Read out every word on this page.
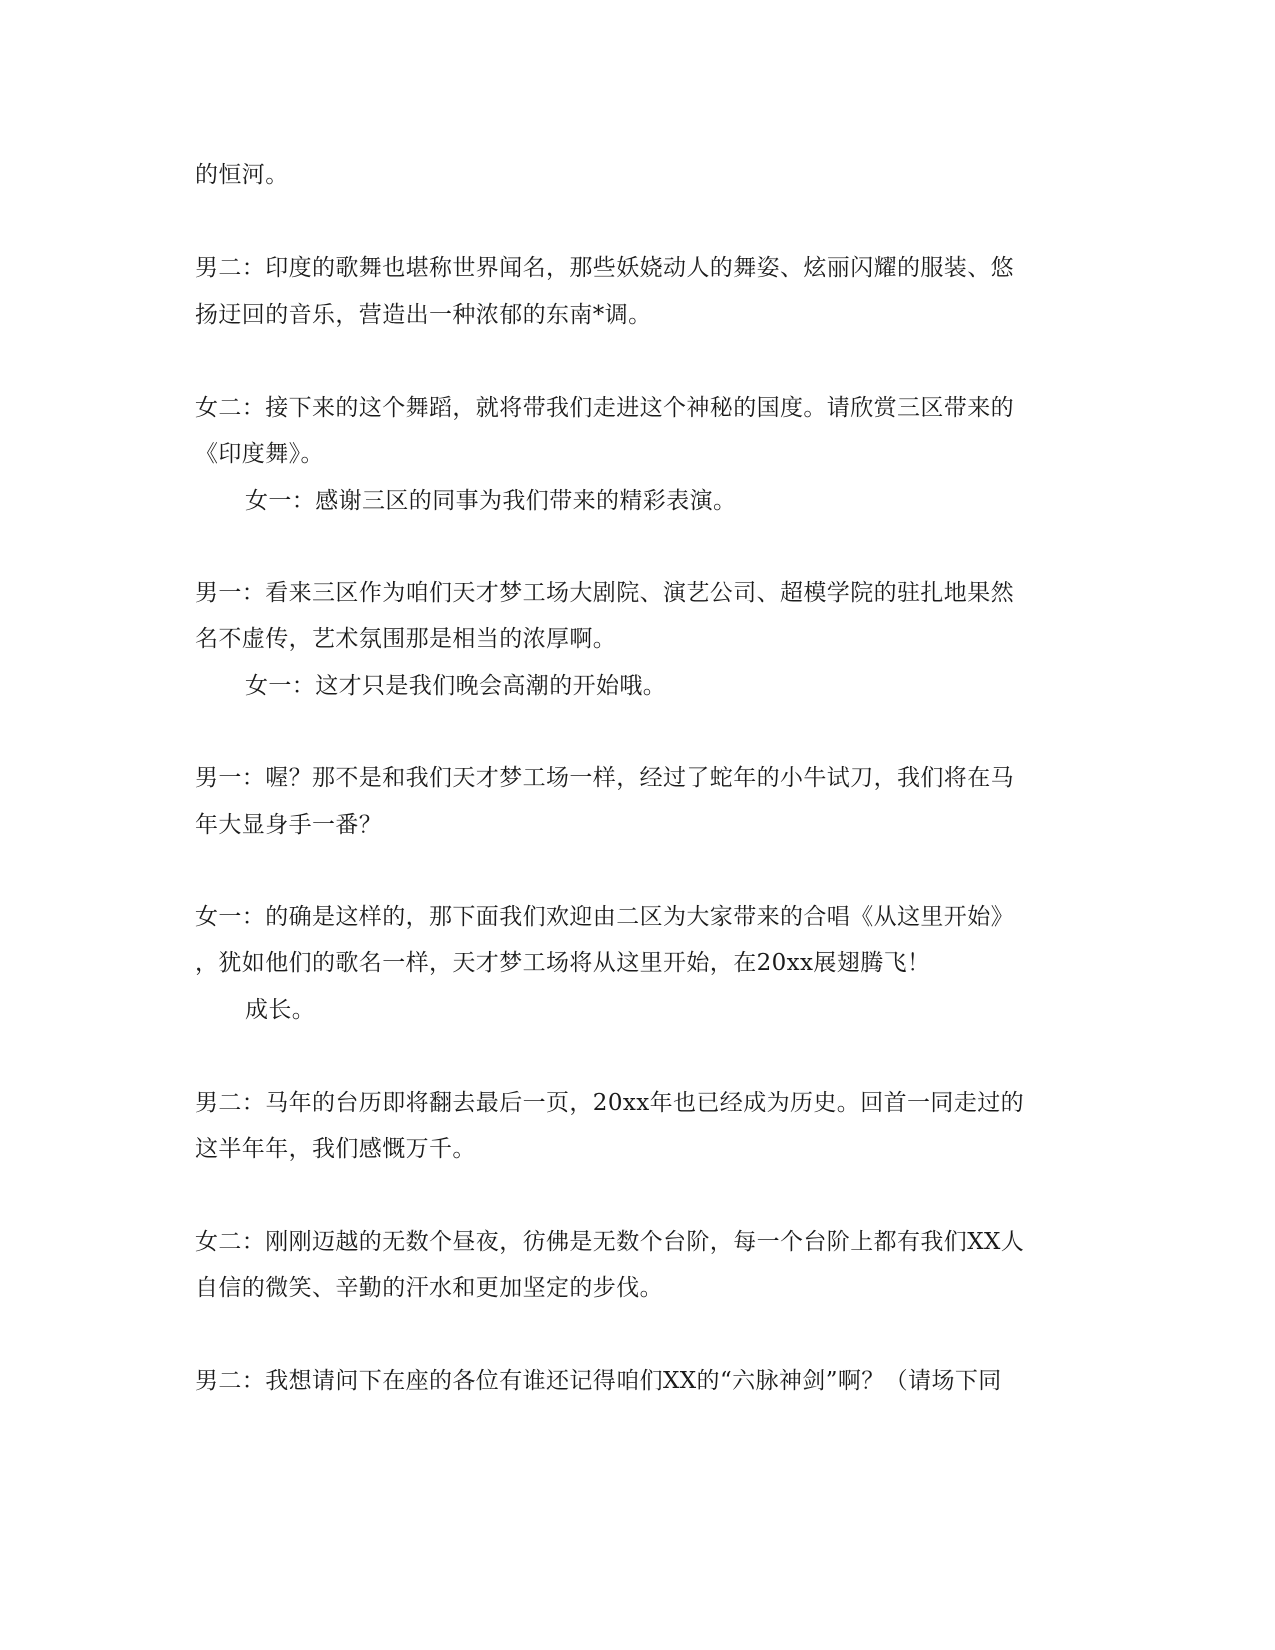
的恒河。
男二：印度的歌舞也堪称世界闻名，那些妖娆动人的舞姿、炫丽闪耀的服装、悠
扬迂回的音乐，营造出一种浓郁的东南*调。
女二：接下来的这个舞蹈，就将带我们走进这个神秘的国度。请欣赏三区带来的
《印度舞》。
女一：感谢三区的同事为我们带来的精彩表演。
男一：看来三区作为咱们天才梦工场大剧院、演艺公司、超模学院的驻扎地果然
名不虚传，艺术氛围那是相当的浓厚啊。
女一：这才只是我们晚会高潮的开始哦。
男一：喔？那不是和我们天才梦工场一样，经过了蛇年的小牛试刀，我们将在马
年大显身手一番？
女一：的确是这样的，那下面我们欢迎由二区为大家带来的合唱《从这里开始》
，犹如他们的歌名一样，天才梦工场将从这里开始，在20xx展翅腾飞！
成长。
男二：马年的台历即将翻去最后一页，20xx年也已经成为历史。回首一同走过的
这半年年，我们感慨万千。
女二：刚刚迈越的无数个昼夜，彷佛是无数个台阶，每一个台阶上都有我们XX人
自信的微笑、辛勤的汗水和更加坚定的步伐。
男二：我想请问下在座的各位有谁还记得咱们XX的“六脉神剑”啊？（请场下同
